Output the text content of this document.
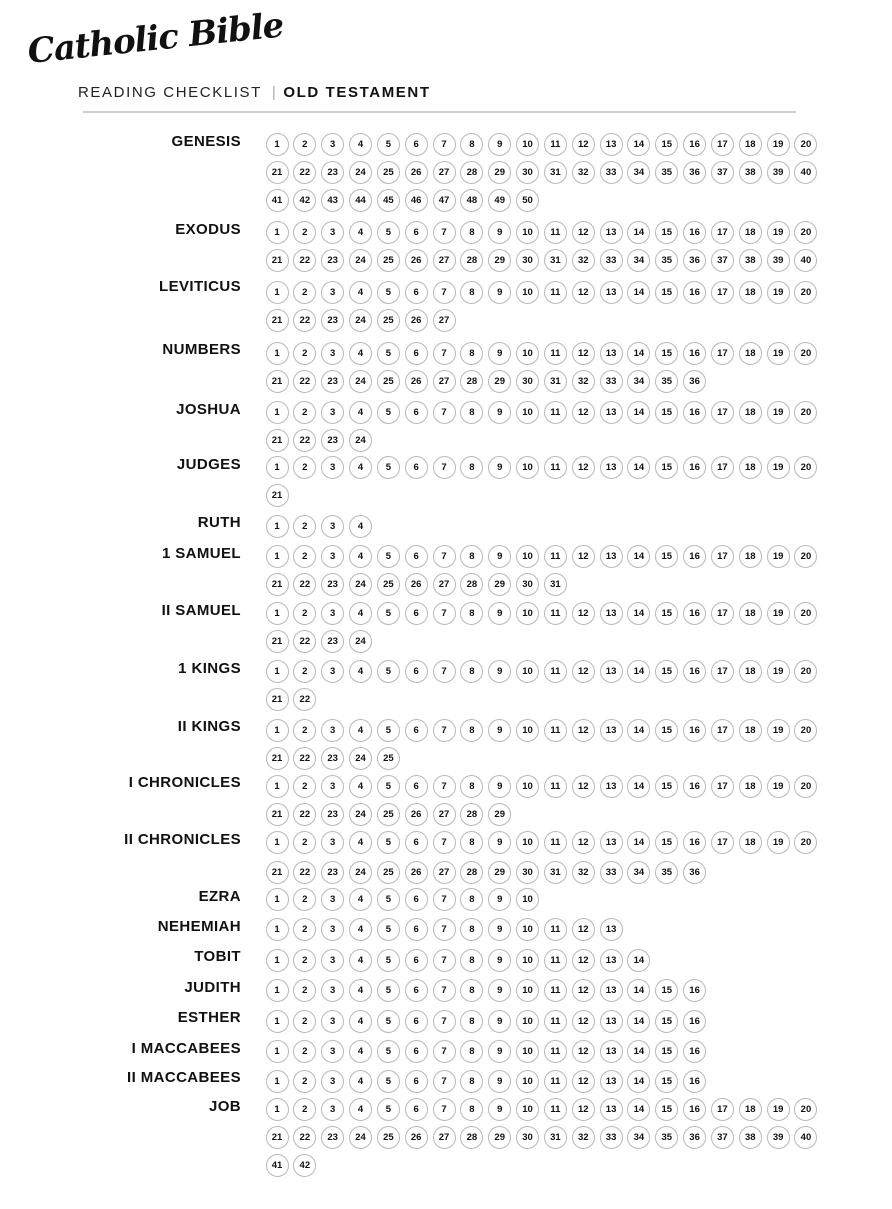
Catholic Bible
READING CHECKLIST | OLD TESTAMENT
GENESIS	1	2	3	4	5	6	7	8	9	10	11	12	13	14	15	16	17	18	19	20
21	22	23	24	25	26	27	28	29	30	31	32	33	34	35	36	37	38	39	40
41	42	43	44	45	46	47	48	49	50
EXODUS	1	2	3	4	5	6	7	8	9	10	11	12	13	14	15	16	17	18	19	20
21	22	23	24	25	26	27	28	29	30	31	32	33	34	35	36	37	38	39	40
LEVITICUS	1	2	3	4	5	6	7	8	9	10	11	12	13	14	15	16	17	18	19	20
21	22	23	24	25	26	27
NUMBERS	1	2	3	4	5	6	7	8	9	10	11	12	13	14	15	16	17	18	19	20
21	22	23	24	25	26	27	28	29	30	31	32	33	34	35	36
JOSHUA	1	2	3	4	5	6	7	8	9	10	11	12	13	14	15	16	17	18	19	20
21	22	23	24
JUDGES	1	2	3	4	5	6	7	8	9	10	11	12	13	14	15	16	17	18	19	20
21
RUTH	1	2	3	4
1 SAMUEL	1	2	3	4	5	6	7	8	9	10	11	12	13	14	15	16	17	18	19	20
21	22	23	24	25	26	27	28	29	30	31
II SAMUEL	1	2	3	4	5	6	7	8	9	10	11	12	13	14	15	16	17	18	19	20
21	22	23	24
1 KINGS	1	2	3	4	5	6	7	8	9	10	11	12	13	14	15	16	17	18	19	20
21	22
II KINGS	1	2	3	4	5	6	7	8	9	10	11	12	13	14	15	16	17	18	19	20
21	22	23	24	25
I CHRONICLES	1	2	3	4	5	6	7	8	9	10	11	12	13	14	15	16	17	18	19	20
21	22	23	24	25	26	27	28	29
II CHRONICLES	1	2	3	4	5	6	7	8	9	10	11	12	13	14	15	16	17	18	19	20
21	22	23	24	25	26	27	28	29	30	31	32	33	34	35	36
EZRA	1	2	3	4	5	6	7	8	9	10
NEHEMIAH	1	2	3	4	5	6	7	8	9	10	11	12	13
TOBIT	1	2	3	4	5	6	7	8	9	10	11	12	13	14
JUDITH	1	2	3	4	5	6	7	8	9	10	11	12	13	14	15	16
ESTHER	1	2	3	4	5	6	7	8	9	10	11	12	13	14	15	16
I MACCABEES	1	2	3	4	5	6	7	8	9	10	11	12	13	14	15	16
II MACCABEES	1	2	3	4	5	6	7	8	9	10	11	12	13	14	15	16
JOB	1	2	3	4	5	6	7	8	9	10	11	12	13	14	15	16	17	18	19	20
21	22	23	24	25	26	27	28	29	30	31	32	33	34	35	36	37	38	39	40
41	42
